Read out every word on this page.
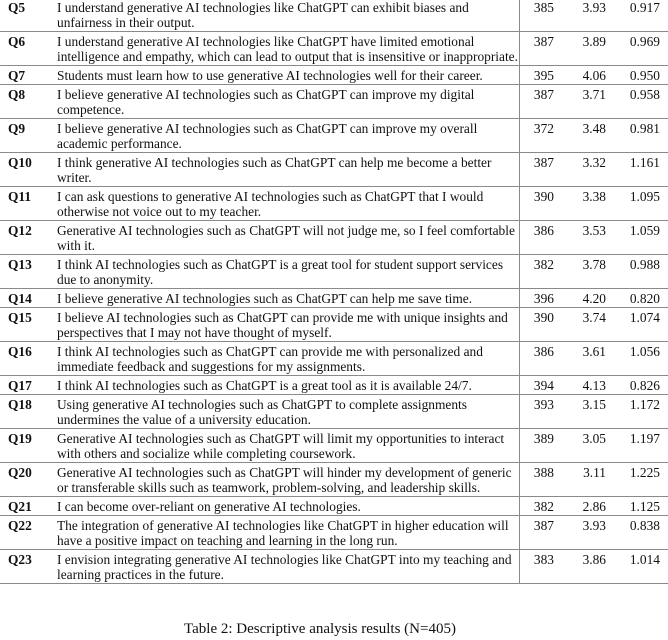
Q5	I understand generative AI technologies like ChatGPT can exhibit biases and unfairness in their output.	385	3.93	0.917
Q6	I understand generative AI technologies like ChatGPT have limited emotional intelligence and empathy, which can lead to output that is insensitive or inappropriate.	387	3.89	0.969
Q7	Students must learn how to use generative AI technologies well for their career.	395	4.06	0.950
Q8	I believe generative AI technologies such as ChatGPT can improve my digital competence.	387	3.71	0.958
Q9	I believe generative AI technologies such as ChatGPT can improve my overall academic performance.	372	3.48	0.981
Q10	I think generative AI technologies such as ChatGPT can help me become a better writer.	387	3.32	1.161
Q11	I can ask questions to generative AI technologies such as ChatGPT that I would otherwise not voice out to my teacher.	390	3.38	1.095
Q12	Generative AI technologies such as ChatGPT will not judge me, so I feel comfortable with it.	386	3.53	1.059
Q13	I think AI technologies such as ChatGPT is a great tool for student support services due to anonymity.	382	3.78	0.988
Q14	I believe generative AI technologies such as ChatGPT can help me save time.	396	4.20	0.820
Q15	I believe AI technologies such as ChatGPT can provide me with unique insights and perspectives that I may not have thought of myself.	390	3.74	1.074
Q16	I think AI technologies such as ChatGPT can provide me with personalized and immediate feedback and suggestions for my assignments.	386	3.61	1.056
Q17	I think AI technologies such as ChatGPT is a great tool as it is available 24/7.	394	4.13	0.826
Q18	Using generative AI technologies such as ChatGPT to complete assignments undermines the value of a university education.	393	3.15	1.172
Q19	Generative AI technologies such as ChatGPT will limit my opportunities to interact with others and socialize while completing coursework.	389	3.05	1.197
Q20	Generative AI technologies such as ChatGPT will hinder my development of generic or transferable skills such as teamwork, problem-solving, and leadership skills.	388	3.11	1.225
Q21	I can become over-reliant on generative AI technologies.	382	2.86	1.125
Q22	The integration of generative AI technologies like ChatGPT in higher education will have a positive impact on teaching and learning in the long run.	387	3.93	0.838
Q23	I envision integrating generative AI technologies like ChatGPT into my teaching and learning practices in the future.	383	3.86	1.014
Table 2: Descriptive analysis results (N=405)
